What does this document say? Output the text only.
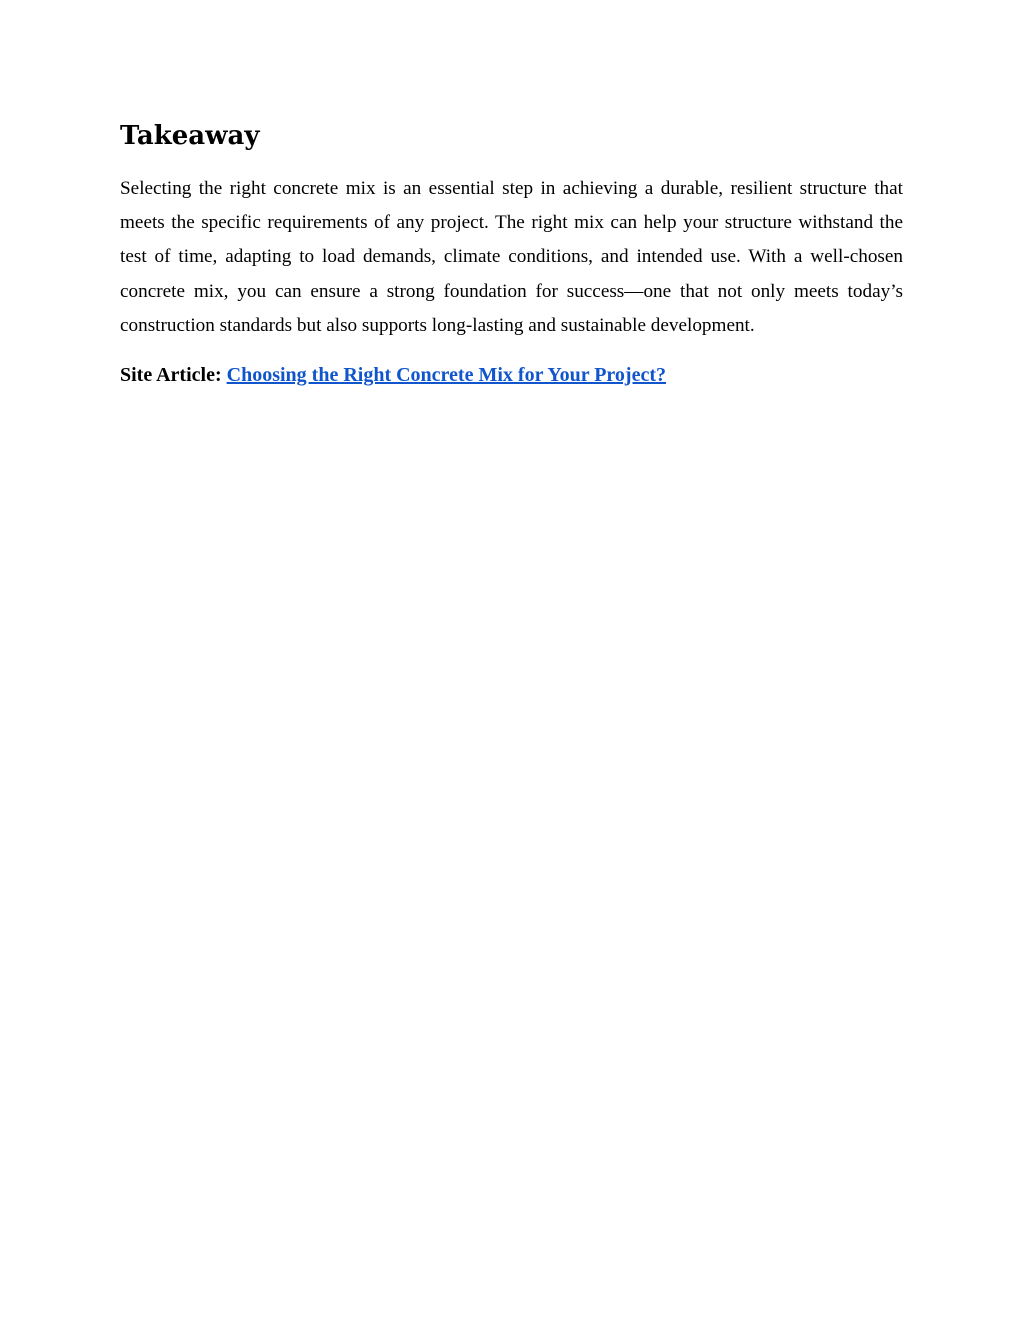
Takeaway

Selecting the right concrete mix is an essential step in achieving a durable, resilient structure that meets the specific requirements of any project. The right mix can help your structure withstand the test of time, adapting to load demands, climate conditions, and intended use. With a well-chosen concrete mix, you can ensure a strong foundation for success—one that not only meets today’s construction standards but also supports long-lasting and sustainable development.

Site Article: Choosing the Right Concrete Mix for Your Project?
